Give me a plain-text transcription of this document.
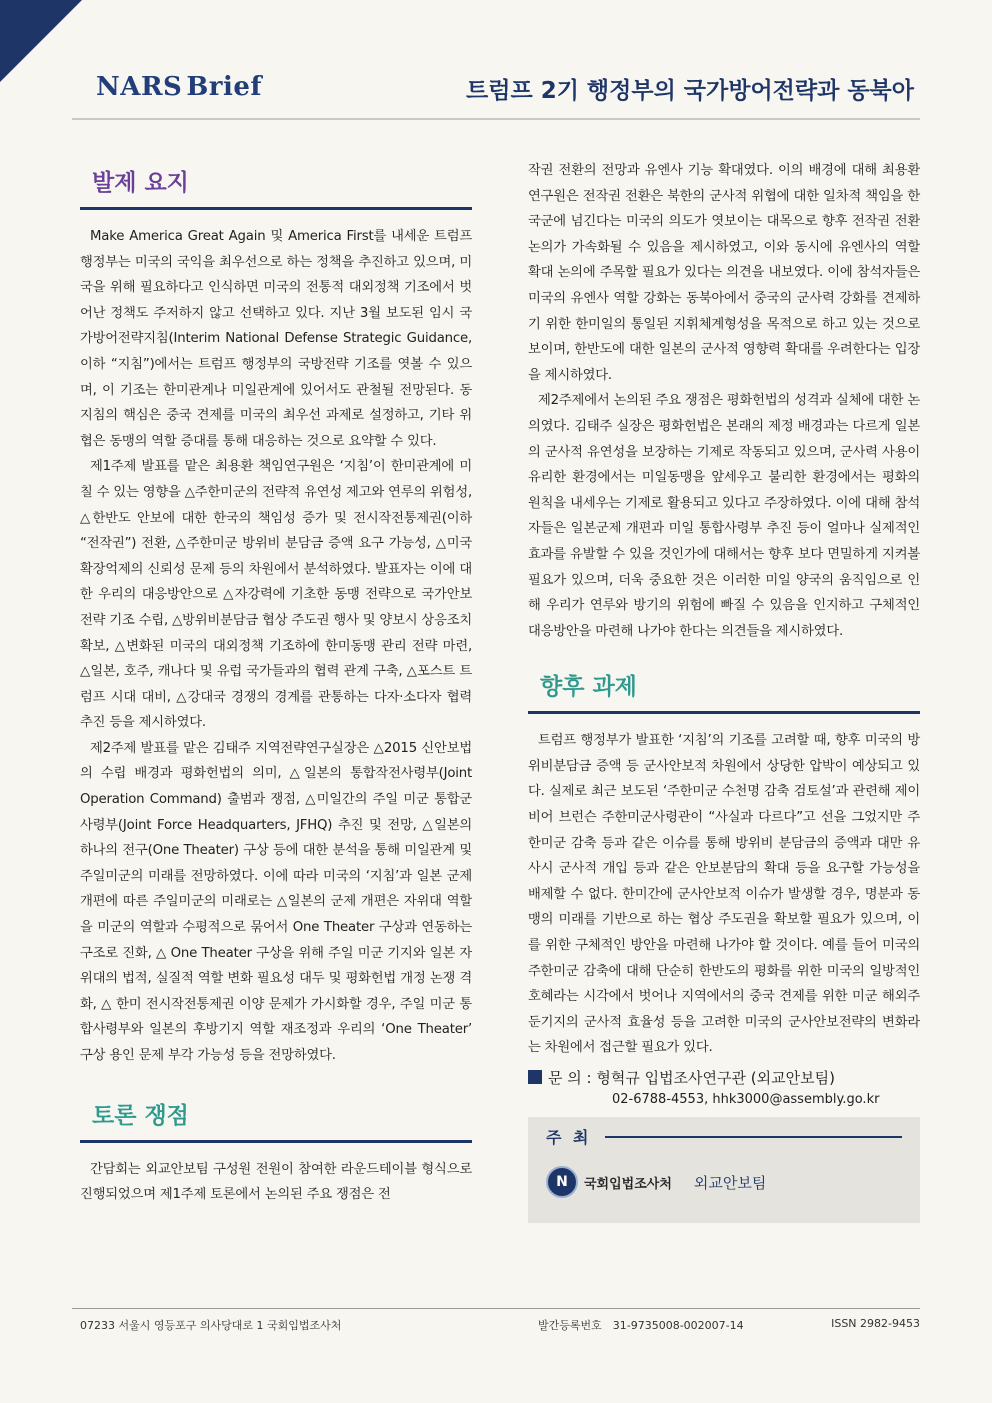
NARS Brief	트럼프 2기 행정부의 국가방어전략과 동북아
발제 요지

Make America Great Again 및 America First를 내세운 트럼프 행정부는 미국의 국익을 최우선으로 하는 정책을 추진하고 있으며, 미국을 위해 필요하다고 인식하면 미국의 전통적 대외정책 기조에서 벗어난 정책도 주저하지 않고 선택하고 있다. 지난 3월 보도된 임시 국가방어전략지침(Interim National Defense Strategic Guidance, 이하 “지침”)에서는 트럼프 행정부의 국방전략 기조를 엿볼 수 있으며, 이 기조는 한미관계나 미일관계에 있어서도 관철될 전망된다. 동 지침의 핵심은 중국 견제를 미국의 최우선 과제로 설정하고, 기타 위협은 동맹의 역할 증대를 통해 대응하는 것으로 요약할 수 있다.

제1주제 발표를 맡은 최용환 책임연구원은 ‘지침’이 한미관계에 미칠 수 있는 영향을 △주한미군의 전략적 유연성 제고와 연루의 위험성, △한반도 안보에 대한 한국의 책임성 증가 및 전시작전통제권(이하 “전작권”) 전환, △주한미군 방위비 분담금 증액 요구 가능성, △미국 확장억제의 신뢰성 문제 등의 차원에서 분석하였다. 발표자는 이에 대한 우리의 대응방안으로 △자강력에 기초한 동맹 전략으로 국가안보전략 기조 수립, △방위비분담금 협상 주도권 행사 및 양보시 상응조치 확보, △변화된 미국의 대외정책 기조하에 한미동맹 관리 전략 마련, △일본, 호주, 캐나다 및 유럽 국가들과의 협력 관계 구축, △포스트 트럼프 시대 대비, △강대국 경쟁의 경계를 관통하는 다자·소다자 협력 추진 등을 제시하였다.

제2주제 발표를 맡은 김태주 지역전략연구실장은 △2015 신안보법의 수립 배경과 평화헌법의 의미, △일본의 통합작전사령부(Joint Operation Command) 출범과 쟁점, △미일간의 주일 미군 통합군사령부(Joint Force Headquarters, JFHQ) 추진 및 전망, △일본의 하나의 전구(One Theater) 구상 등에 대한 분석을 통해 미일관계 및 주일미군의 미래를 전망하였다. 이에 따라 미국의 ‘지침’과 일본 군제 개편에 따른 주일미군의 미래로는 △일본의 군제 개편은 자위대 역할을 미군의 역할과 수평적으로 묶어서 One Theater 구상과 연동하는 구조로 진화, △ One Theater 구상을 위해 주일 미군 기지와 일본 자위대의 법적, 실질적 역할 변화 필요성 대두 및 평화헌법 개정 논쟁 격화, △ 한미 전시작전통제권 이양 문제가 가시화할 경우, 주일 미군 통합사령부와 일본의 후방기지 역할 재조정과 우리의 ‘One Theater’ 구상 용인 문제 부각 가능성 등을 전망하였다.

토론 쟁점

간담회는 외교안보팀 구성원 전원이 참여한 라운드테이블 형식으로 진행되었으며 제1주제 토론에서 논의된 주요 쟁점은 전

작권 전환의 전망과 유엔사 기능 확대였다. 이의 배경에 대해 최용환 연구원은 전작권 전환은 북한의 군사적 위협에 대한 일차적 책임을 한국군에 넘긴다는 미국의 의도가 엿보이는 대목으로 향후 전작권 전환 논의가 가속화될 수 있음을 제시하였고, 이와 동시에 유엔사의 역할 확대 논의에 주목할 필요가 있다는 의견을 내보였다. 이에 참석자들은 미국의 유엔사 역할 강화는 동북아에서 중국의 군사력 강화를 견제하기 위한 한미일의 통일된 지휘체계형성을 목적으로 하고 있는 것으로 보이며, 한반도에 대한 일본의 군사적 영향력 확대를 우려한다는 입장을 제시하였다.

제2주제에서 논의된 주요 쟁점은 평화헌법의 성격과 실체에 대한 논의였다. 김태주 실장은 평화헌법은 본래의 제정 배경과는 다르게 일본의 군사적 유연성을 보장하는 기제로 작동되고 있으며, 군사력 사용이 유리한 환경에서는 미일동맹을 앞세우고 불리한 환경에서는 평화의 원칙을 내세우는 기제로 활용되고 있다고 주장하였다. 이에 대해 참석자들은 일본군제 개편과 미일 통합사령부 추진 등이 얼마나 실제적인 효과를 유발할 수 있을 것인가에 대해서는 향후 보다 면밀하게 지켜볼 필요가 있으며, 더욱 중요한 것은 이러한 미일 양국의 움직임으로 인해 우리가 연루와 방기의 위험에 빠질 수 있음을 인지하고 구체적인 대응방안을 마련해 나가야 한다는 의견들을 제시하였다.

향후 과제

트럼프 행정부가 발표한 ‘지침’의 기조를 고려할 때, 향후 미국의 방위비분담금 증액 등 군사안보적 차원에서 상당한 압박이 예상되고 있다. 실제로 최근 보도된 ‘주한미군 수천명 감축 검토설’과 관련해 제이비어 브런슨 주한미군사령관이 “사실과 다르다”고 선을 그었지만 주한미군 감축 등과 같은 이슈를 통해 방위비 분담금의 증액과 대만 유사시 군사적 개입 등과 같은 안보분담의 확대 등을 요구할 가능성을 배제할 수 없다. 한미간에 군사안보적 이슈가 발생할 경우, 명분과 동맹의 미래를 기반으로 하는 협상 주도권을 확보할 필요가 있으며, 이를 위한 구체적인 방안을 마련해 나가야 할 것이다. 예를 들어 미국의 주한미군 감축에 대해 단순히 한반도의 평화를 위한 미국의 일방적인 호혜라는 시각에서 벗어나 지역에서의 중국 견제를 위한 미군 해외주둔기지의 군사적 효율성 등을 고려한 미국의 군사안보전략의 변화라는 차원에서 접근할 필요가 있다.

문 의 : 형혁규 입법조사연구관 (외교안보팀)
02-6788-4553, hhk3000@assembly.go.kr
주 최
N	국회입법조사처 외교안보팀
07233 서울시 영등포구 의사당대로 1 국회입법조사처	발간등록번호　31-9735008-002007-14	ISSN 2982-9453
